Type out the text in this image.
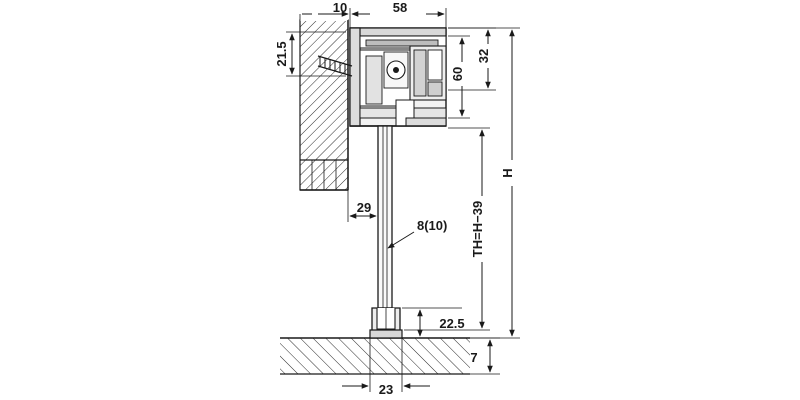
10	58
21.5
60
32
TH=H−39
H
29
8(10)
22.5
7
23
